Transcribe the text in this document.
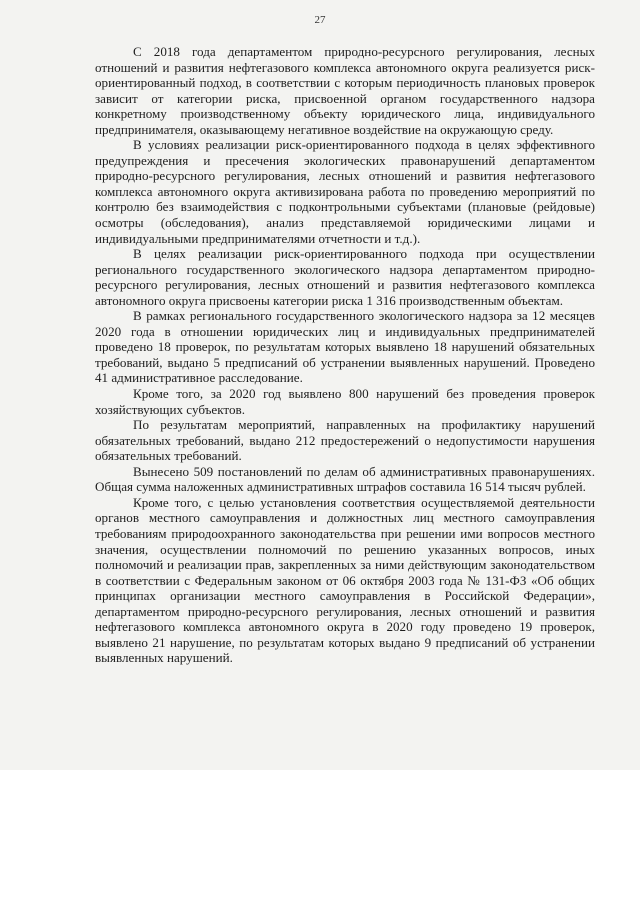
27

С 2018 года департаментом природно-ресурсного регулирования, лесных отношений и развития нефтегазового комплекса автономного округа реализуется риск-ориентированный подход, в соответствии с которым периодичность плановых проверок зависит от категории риска, присвоенной органом государственного надзора конкретному производственному объекту юридического лица, индивидуального предпринимателя, оказывающему негативное воздействие на окружающую среду.

В условиях реализации риск-ориентированного подхода в целях эффективного предупреждения и пресечения экологических правонарушений департаментом природно-ресурсного регулирования, лесных отношений и развития нефтегазового комплекса автономного округа активизирована работа по проведению мероприятий по контролю без взаимодействия с подконтрольными субъектами (плановые (рейдовые) осмотры (обследования), анализ представляемой юридическими лицами и индивидуальными предпринимателями отчетности и т.д.).

В целях реализации риск-ориентированного подхода при осуществлении регионального государственного экологического надзора департаментом природно-ресурсного регулирования, лесных отношений и развития нефтегазового комплекса автономного округа присвоены категории риска 1 316 производственным объектам.

В рамках регионального государственного экологического надзора за 12 месяцев 2020 года в отношении юридических лиц и индивидуальных предпринимателей проведено 18 проверок, по результатам которых выявлено 18 нарушений обязательных требований, выдано 5 предписаний об устранении выявленных нарушений. Проведено 41 административное расследование.

Кроме того, за 2020 год выявлено 800 нарушений без проведения проверок хозяйствующих субъектов.

По результатам мероприятий, направленных на профилактику нарушений обязательных требований, выдано 212 предостережений о недопустимости нарушения обязательных требований.

Вынесено 509 постановлений по делам об административных правонарушениях. Общая сумма наложенных административных штрафов составила 16 514 тысяч рублей.

Кроме того, с целью установления соответствия осуществляемой деятельности органов местного самоуправления и должностных лиц местного самоуправления требованиям природоохранного законодательства при решении ими вопросов местного значения, осуществлении полномочий по решению указанных вопросов, иных полномочий и реализации прав, закрепленных за ними действующим законодательством в соответствии с Федеральным законом от 06 октября 2003 года № 131-ФЗ «Об общих принципах организации местного самоуправления в Российской Федерации», департаментом природно-ресурсного регулирования, лесных отношений и развития нефтегазового комплекса автономного округа в 2020 году проведено 19 проверок, выявлено 21 нарушение, по результатам которых выдано 9 предписаний об устранении выявленных нарушений.
